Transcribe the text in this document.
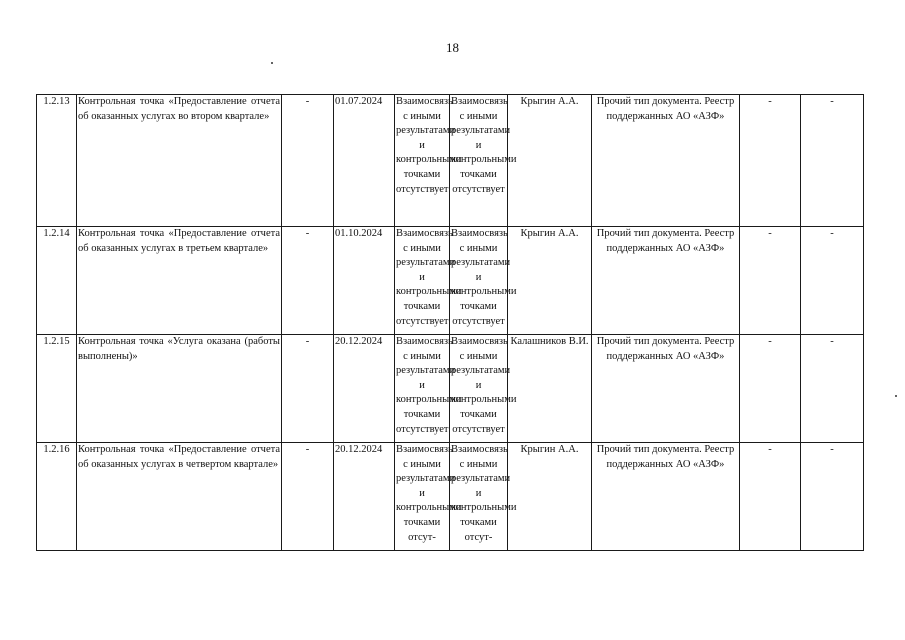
18
1.2.13	Контрольная точка «Предоставление отчета об оказанных услугах во втором квартале»	-	01.07.2024	Взаимосвязь с иными результатами и контрольными точками отсутствует	Взаимосвязь с иными результатами и контрольными точками отсутствует	Крыгин А.А.	Прочий тип документа. Реестр поддержанных АО «АЗФ»	-	-
1.2.14	Контрольная точка «Предоставление отчета об оказанных услугах в третьем квартале»	-	01.10.2024	Взаимосвязь с иными результатами и контрольными точками отсутствует	Взаимосвязь с иными результатами и контрольными точками отсутствует	Крыгин А.А.	Прочий тип документа. Реестр поддержанных АО «АЗФ»	-	-
1.2.15	Контрольная точка «Услуга оказана (работы выполнены)»	-	20.12.2024	Взаимосвязь с иными результатами и контрольными точками отсутствует	Взаимосвязь с иными результатами и контрольными точками отсутствует	Калашников В.И.	Прочий тип документа. Реестр поддержанных АО «АЗФ»	-	-
1.2.16	Контрольная точка «Предоставление отчета об оказанных услугах в четвертом квартале»	-	20.12.2024	Взаимосвязь с иными результатами и контрольными точками отсут-	Взаимосвязь с иными результатами и контрольными точками отсут-	Крыгин А.А.	Прочий тип документа. Реестр поддержанных АО «АЗФ»	-	-
